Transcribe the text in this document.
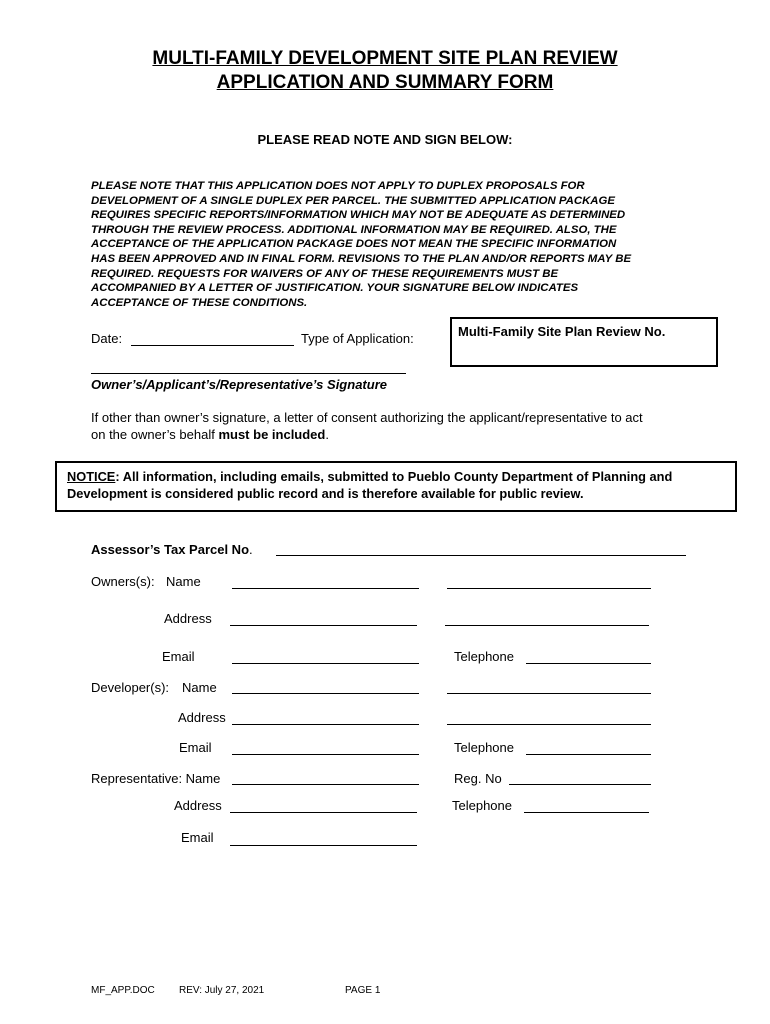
MULTI-FAMILY DEVELOPMENT SITE PLAN REVIEW
APPLICATION AND SUMMARY FORM
PLEASE READ NOTE AND SIGN BELOW:
PLEASE NOTE THAT THIS APPLICATION DOES NOT APPLY TO DUPLEX PROPOSALS FOR
DEVELOPMENT OF A SINGLE DUPLEX PER PARCEL. THE SUBMITTED APPLICATION PACKAGE
REQUIRES SPECIFIC REPORTS/INFORMATION WHICH MAY NOT BE ADEQUATE AS DETERMINED
THROUGH THE REVIEW PROCESS. ADDITIONAL INFORMATION MAY BE REQUIRED. ALSO, THE
ACCEPTANCE OF THE APPLICATION PACKAGE DOES NOT MEAN THE SPECIFIC INFORMATION
HAS BEEN APPROVED AND IN FINAL FORM. REVISIONS TO THE PLAN AND/OR REPORTS MAY BE
REQUIRED. REQUESTS FOR WAIVERS OF ANY OF THESE REQUIREMENTS MUST BE
ACCOMPANIED BY A LETTER OF JUSTIFICATION. YOUR SIGNATURE BELOW INDICATES
ACCEPTANCE OF THESE CONDITIONS.
Date:	Type of Application:	Multi-Family Site Plan Review No.
Owner’s/Applicant’s/Representative’s Signature
If other than owner’s signature, a letter of consent authorizing the applicant/representative to act
on the owner’s behalf must be included.
NOTICE: All information, including emails, submitted to Pueblo County Department of Planning and
Development is considered public record and is therefore available for public review.
Assessor’s Tax Parcel No.
Owners(s): Name
Address
Email	Telephone
Developer(s): Name
Address
Email	Telephone
Representative: Name	Reg. No
Address	Telephone
Email
MF_APP.DOC REV: July 27, 2021	PAGE 1
